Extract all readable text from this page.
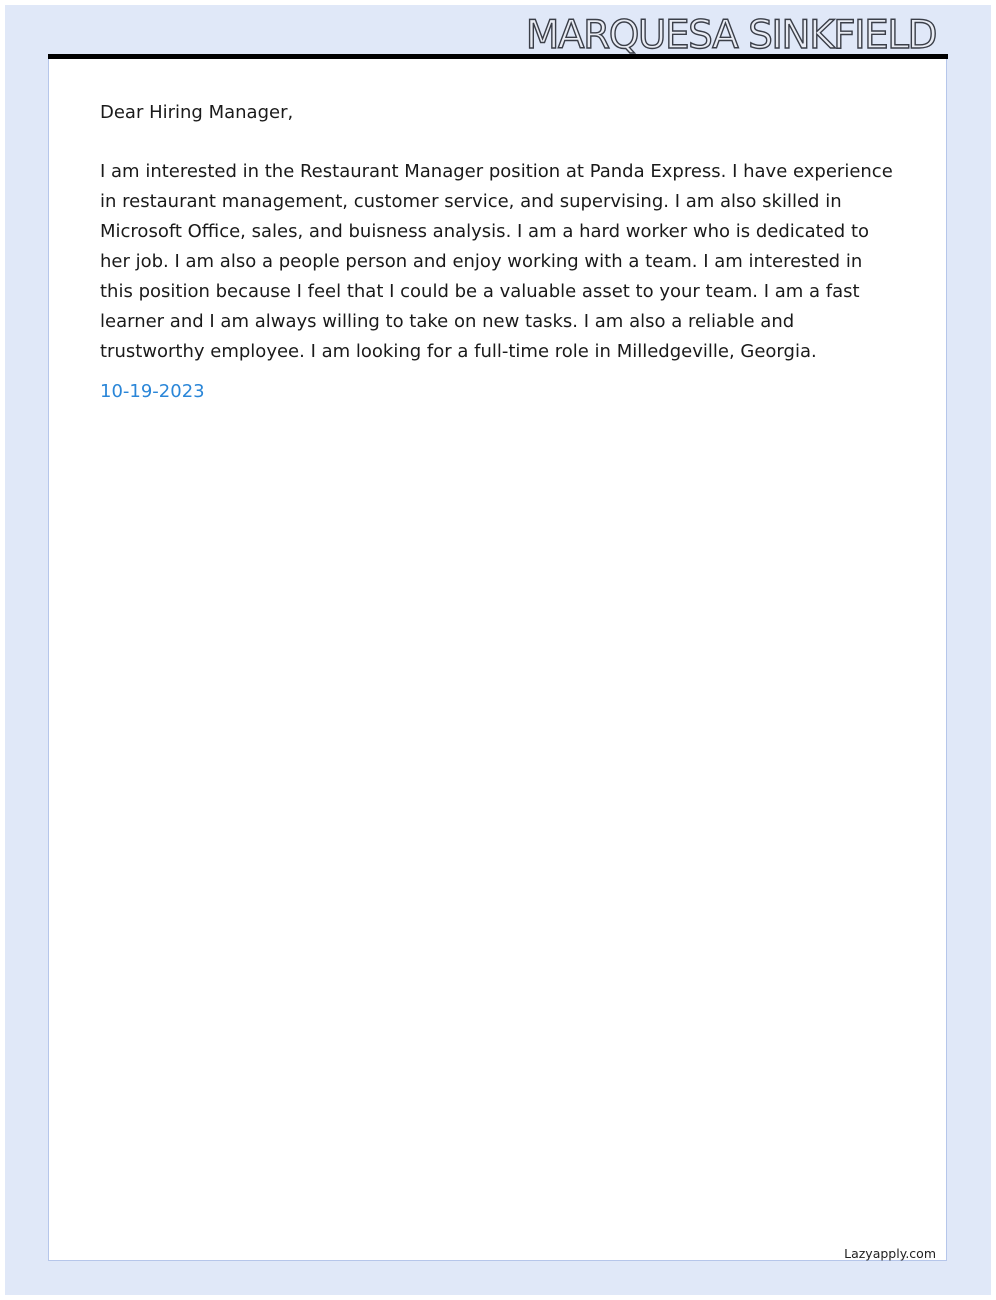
MARQUESA SINKFIELD

Dear Hiring Manager,

I am interested in the Restaurant Manager position at Panda Express. I have experience in restaurant management, customer service, and supervising. I am also skilled in Microsoft Office, sales, and buisness analysis. I am a hard worker who is dedicated to her job. I am also a people person and enjoy working with a team. I am interested in this position because I feel that I could be a valuable asset to your team. I am a fast learner and I am always willing to take on new tasks. I am also a reliable and trustworthy employee. I am looking for a full-time role in Milledgeville, Georgia.

10-19-2023

Lazyapply.com
